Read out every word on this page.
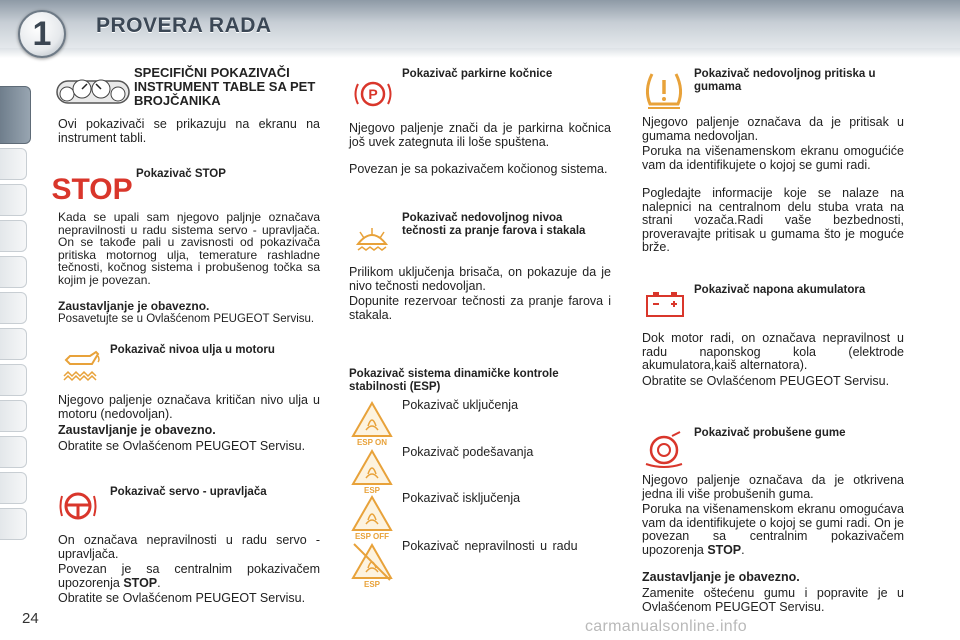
1	PROVERA RADA
24	carmanualsonline.info
SPECIFIČNI POKAZIVAČI INSTRUMENT TABLE SA PET BROJČANIKA
Ovi pokazivači se prikazuju na ekranu na instrument tabli.
STOP Pokazivač STOP
Kada se upali sam njegovo paljnje označava nepravilnosti u radu sistema servo - upravljača. On se takođe pali u zavisnosti od pokazivača pritiska motornog ulja, temerature rashladne tečnosti, kočnog sistema i probušenog točka sa kojim je povezan.
Zaustavljanje je obavezno.
Posavetujte se u Ovlašćenom PEUGEOT Servisu.
Pokazivač nivoa ulja u motoru
Njegovo paljenje označava kritičan nivo ulja u motoru (nedovoljan).
Zaustavljanje je obavezno.
Obratite se Ovlašćenom PEUGEOT Servisu.
Pokazivač servo - upravljača
On označava nepravilnosti u radu servo - upravljača.
Povezan je sa centralnim pokazivačem upozorenja STOP.
Obratite se Ovlašćenom PEUGEOT Servisu.
P
Pokazivač parkirne kočnice
Njegovo paljenje znači da je parkirna kočnica još uvek zategnuta ili loše spuštena.
Povezan je sa pokazivačem kočionog sistema.
Pokazivač nedovoljnog nivoa tečnosti za pranje farova i stakala
Prilikom uključenja brisača, on pokazuje da je nivo tečnosti nedovoljan.
Dopunite rezervoar tečnosti za pranje farova i stakala.
Pokazivač sistema dinamičke kontrole stabilnosti (ESP)
ESP ON
Pokazivač uključenja
ESP
Pokazivač podešavanja
ESP OFF
Pokazivač isključenja
ESP
Pokazivač nepravilnosti u radu
Pokazivač nedovoljnog pritiska u gumama
Njegovo paljenje označava da je pritisak u gumama nedovoljan.
Poruka na višenamenskom ekranu omogućiće vam da identifikujete o kojoj se gumi radi.
Pogledajte informacije koje se nalaze na nalepnici na centralnom delu stuba vrata na strani vozača.Radi vaše bezbednosti, proveravajte pritisak u gumama što je moguće brže.
Pokazivač napona akumulatora
Dok motor radi, on označava nepravilnost u radu naponskog kola (elektrode akumulatora,kaiš alternatora).
Obratite se Ovlašćenom PEUGEOT Servisu.
Pokazivač probušene gume
Njegovo paljenje označava da je otkrivena jedna ili više probušenih guma.
Poruka na višenamenskom ekranu omogućava vam da identifikujete o kojoj se gumi radi. On je povezan sa centralnim pokazivačem upozorenja STOP.
Zaustavljanje je obavezno.
Zamenite oštećenu gumu i popravite je u Ovlašćenom PEUGEOT Servisu.
